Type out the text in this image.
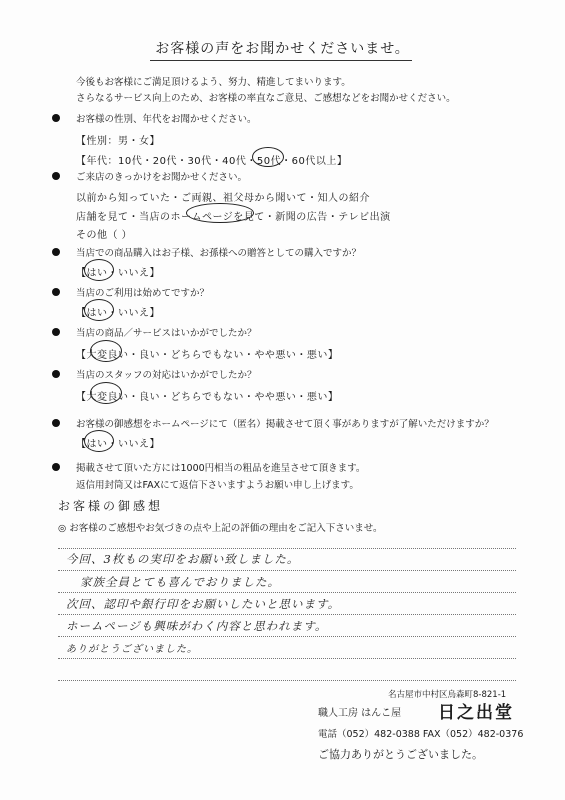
お客様の声をお聞かせくださいませ。
今後もお客様にご満足頂けるよう、努力、精進してまいります。
さらなるサービス向上のため、お客様の率直なご意見、ご感想などをお聞かせください。
お客様の性別、年代をお聞かせください。
【性別：男・女】
【年代：10代・20代・30代・40代・50代・60代以上】
ご来店のきっかけをお聞かせください。
以前から知っていた・ご両親、祖父母から聞いて・知人の紹介
店舗を見て・当店のホームページを見て・新聞の広告・テレビ出演
その他（ ）
当店での商品購入はお子様、お孫様への贈答としての購入ですか？
【はい・いいえ】
当店のご利用は始めてですか？
【はい・いいえ】
当店の商品／サービスはいかがでしたか？
【大変良い・良い・どちらでもない・やや悪い・悪い】
当店のスタッフの対応はいかがでしたか？
【大変良い・良い・どちらでもない・やや悪い・悪い】
お客様の御感想をホームページにて（匿名）掲載させて頂く事がありますが了解いただけますか？
【はい・いいえ】
掲載させて頂いた方には1000円相当の粗品を進呈させて頂きます。
返信用封筒又はFAXにて返信下さいますようお願い申し上げます。
お客様の御感想
◎ お客様のご感想やお気づきの点や上記の評価の理由をご記入下さいませ。
今回、3枚もの実印をお願い致しました。
家族全員とても喜んでおりました。
次回、認印や銀行印をお願いしたいと思います。
ホームページも興味がわく内容と思われます。
ありがとうございました。
名古屋市中村区烏森町8-821-1
職人工房 はんこ屋 日之出堂
電話（052）482-0388 FAX（052）482-0376
ご協力ありがとうございました。
